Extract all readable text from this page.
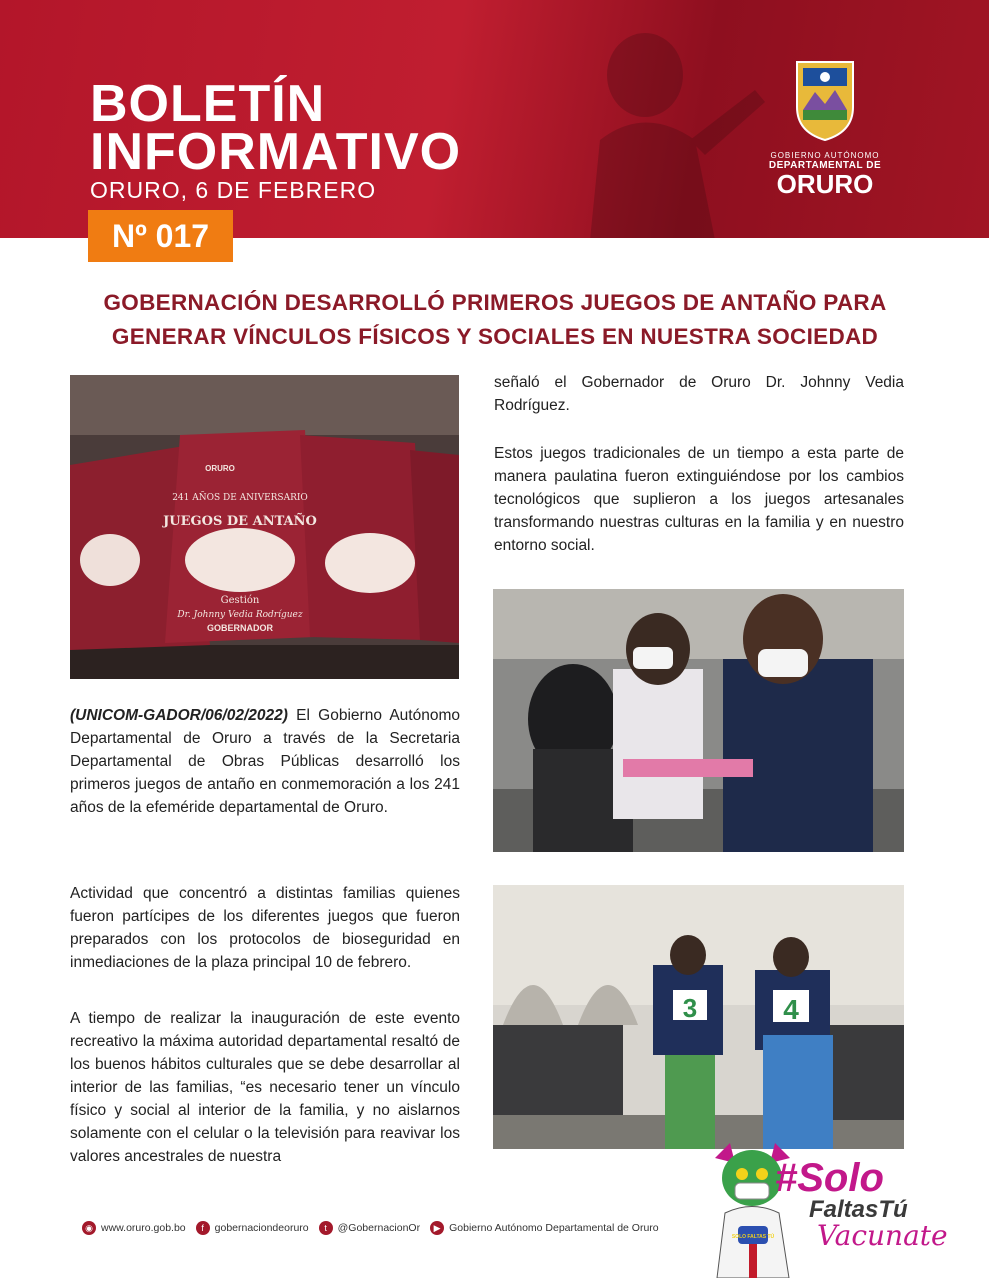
BOLETÍN
INFORMATIVO
ORURO, 6 DE FEBRERO
GOBIERNO AUTÓNOMO
DEPARTAMENTAL DE
ORURO
Nº 017
GOBERNACIÓN DESARROLLÓ PRIMEROS JUEGOS DE ANTAÑO PARA GENERAR VÍNCULOS FÍSICOS Y SOCIALES EN NUESTRA SOCIEDAD
JUEGOS DE ANTAÑO
241 AÑOS DE ANIVERSARIO
Gestión
Dr. Johnny Vedia Rodríguez
GOBERNADOR
ORURO
3	4
(UNICOM-GADOR/06/02/2022) El Gobierno Autónomo Departamental de Oruro a través de la Secretaria Departamental de Obras Públicas desarrolló los primeros juegos de antaño en conmemoración a los 241 años de la efeméride departamental de Oruro.
Actividad que concentró a distintas familias quienes fueron partícipes de los diferentes juegos que fueron preparados con los protocolos de bioseguridad en inmediaciones de la plaza principal 10 de febrero.
A tiempo de realizar la inauguración de este evento recreativo la máxima autoridad departamental resaltó de los buenos hábitos culturales que se debe desarrollar al interior de las familias, “es necesario tener un vínculo físico y social al interior de la familia, y no aislarnos solamente con el celular o la televisión para reavivar los valores ancestrales de nuestra
señaló el Gobernador de Oruro Dr. Johnny Vedia Rodríguez.
Estos juegos tradicionales de un tiempo a esta parte de manera paulatina fueron extinguiéndose por los cambios tecnológicos que suplieron a los juegos artesanales transformando nuestras culturas en la familia y en nuestro entorno social.
◉ www.oruro.gob.bo	f	gobernaciondeoruro	t	@GobernacionOr	▶ Gobierno Autónomo Departamental de Oruro
SOLO FALTAS TÚ
#Solo
FaltasTú
Vacunate
